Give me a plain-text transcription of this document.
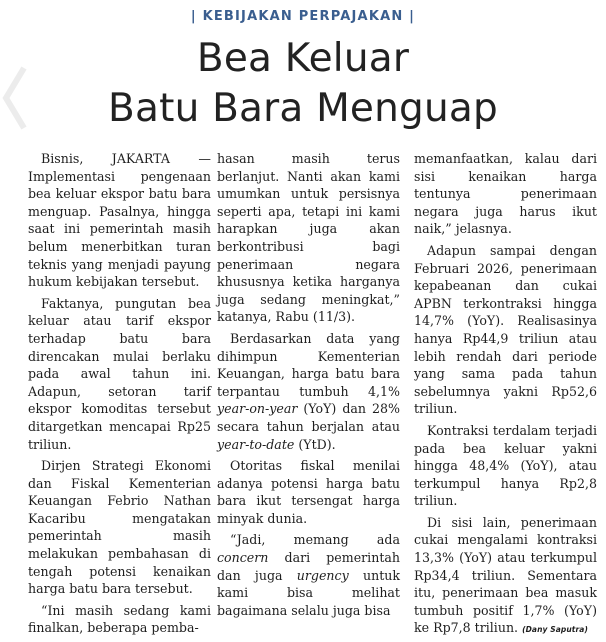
| KEBIJAKAN PERPAJAKAN |
Bea Keluar
Batu Bara Menguap

Bisnis, JAKARTA — Implementasi pengenaan bea keluar ekspor batu bara menguap. Pasalnya, hingga saat ini pemerintah masih belum menerbitkan turan teknis yang menjadi payung hukum kebijakan tersebut.

Faktanya, pungutan bea keluar atau tarif ekspor terhadap batu bara direncakan mulai berlaku pada awal tahun ini. Adapun, setoran tarif ekspor komoditas tersebut ditargetkan mencapai Rp25 triliun.

Dirjen Strategi Ekonomi dan Fiskal Kementerian Keuangan Febrio Nathan Kacaribu mengatakan pemerintah masih melakukan pembahasan di tengah potensi kenaikan harga batu bara tersebut.

“Ini masih sedang kami finalkan, beberapa pemba-

hasan masih terus berlanjut. Nanti akan kami umumkan untuk persisnya seperti apa, tetapi ini kami harapkan juga akan berkontribusi bagi penerimaan negara khususnya ketika harganya juga sedang meningkat,” katanya, Rabu (11/3).

Berdasarkan data yang dihimpun Kementerian Keuangan, harga batu bara terpantau tumbuh 4,1% year-on-year (YoY) dan 28% secara tahun berjalan atau year-to-date (YtD).

Otoritas fiskal menilai adanya potensi harga batu bara ikut tersengat harga minyak dunia.

“Jadi, memang ada concern dari pemerintah dan juga urgency untuk kami bisa melihat bagaimana selalu juga bisa

memanfaatkan, kalau dari sisi kenaikan harga tentunya penerimaan negara juga harus ikut naik,” jelasnya.

Adapun sampai dengan Februari 2026, penerimaan kepabeanan dan cukai APBN terkontraksi hingga 14,7% (YoY). Realisasinya hanya Rp44,9 triliun atau lebih rendah dari periode yang sama pada tahun sebelumnya yakni Rp52,6 triliun.

Kontraksi terdalam terjadi pada bea keluar yakni hingga 48,4% (YoY), atau terkumpul hanya Rp2,8 triliun.

Di sisi lain, penerimaan cukai mengalami kontraksi 13,3% (YoY) atau terkumpul Rp34,4 triliun. Sementara itu, penerimaan bea masuk tumbuh positif 1,7% (YoY) ke Rp7,8 triliun. (Dany Saputra)
